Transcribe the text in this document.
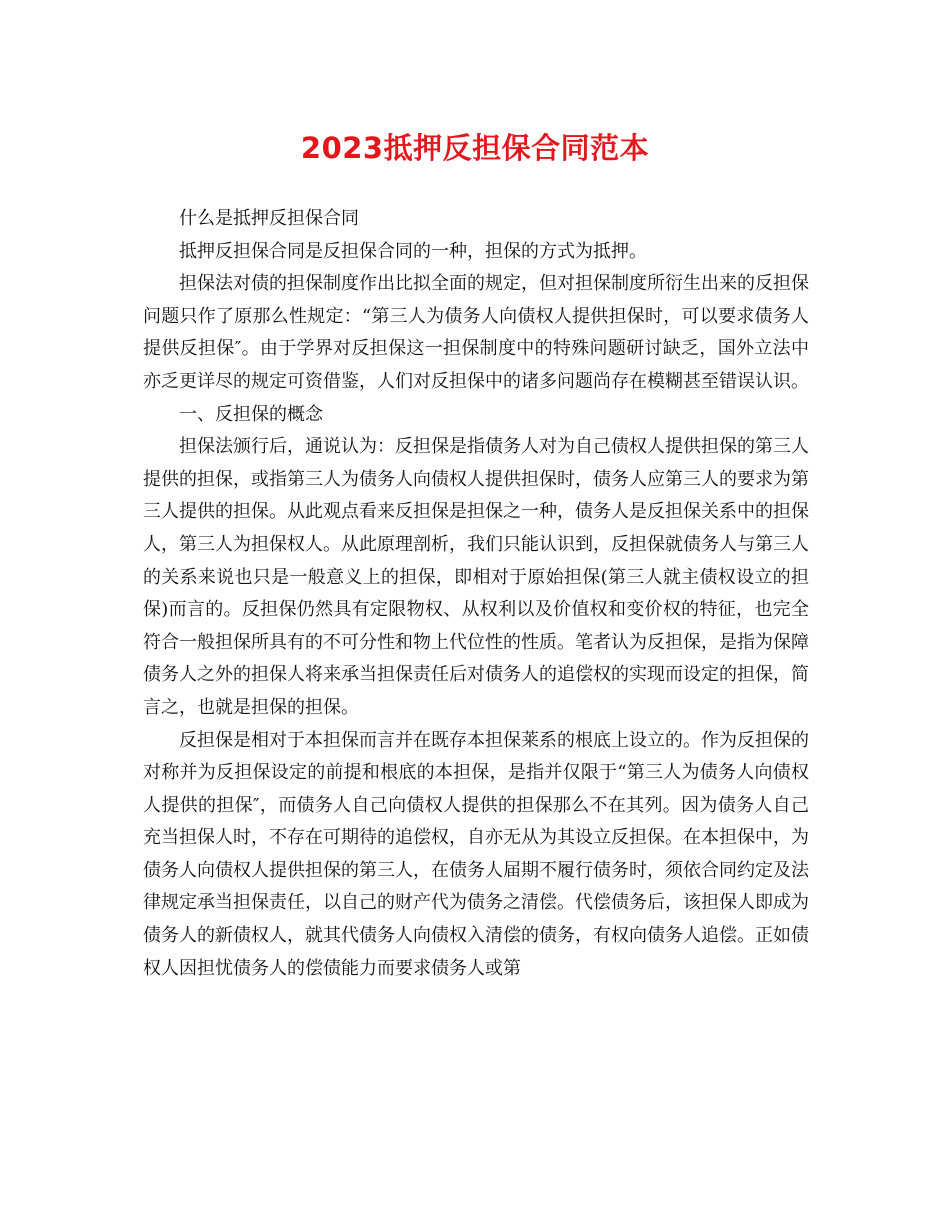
2023抵押反担保合同范本

什么是抵押反担保合同

抵押反担保合同是反担保合同的一种，担保的方式为抵押。

担保法对债的担保制度作出比拟全面的规定，但对担保制度所衍生出来的反担保问题只作了原那么性规定：“第三人为债务人向债权人提供担保时，可以要求债务人提供反担保″。由于学界对反担保这一担保制度中的特殊问题研讨缺乏，国外立法中亦乏更详尽的规定可资借鉴，人们对反担保中的诸多问题尚存在模糊甚至错误认识。

一、反担保的概念

担保法颁行后，通说认为：反担保是指债务人对为自己债权人提供担保的第三人提供的担保，或指第三人为债务人向债权人提供担保时，债务人应第三人的要求为第三人提供的担保。从此观点看来反担保是担保之一种，债务人是反担保关系中的担保人，第三人为担保权人。从此原理剖析，我们只能认识到，反担保就债务人与第三人的关系来说也只是一般意义上的担保，即相对于原始担保(第三人就主债权设立的担保)而言的。反担保仍然具有定限物权、从权利以及价值权和变价权的特征，也完全符合一般担保所具有的不可分性和物上代位性的性质。笔者认为反担保，是指为保障债务人之外的担保人将来承当担保责任后对债务人的追偿权的实现而设定的担保，简言之，也就是担保的担保。

反担保是相对于本担保而言并在既存本担保莱系的根底上设立的。作为反担保的对称并为反担保设定的前提和根底的本担保，是指并仅限于“第三人为债务人向债权人提供的担保″，而债务人自己向债权人提供的担保那么不在其列。因为债务人自己充当担保人时，不存在可期待的追偿权，自亦无从为其设立反担保。在本担保中，为债务人向债权人提供担保的第三人，在债务人届期不履行债务时，须依合同约定及法律规定承当担保责任，以自己的财产代为债务之清偿。代偿债务后，该担保人即成为债务人的新债权人，就其代债务人向债权入清偿的债务，有权向债务人追偿。正如债权人因担忧债务人的偿债能力而要求债务人或第
